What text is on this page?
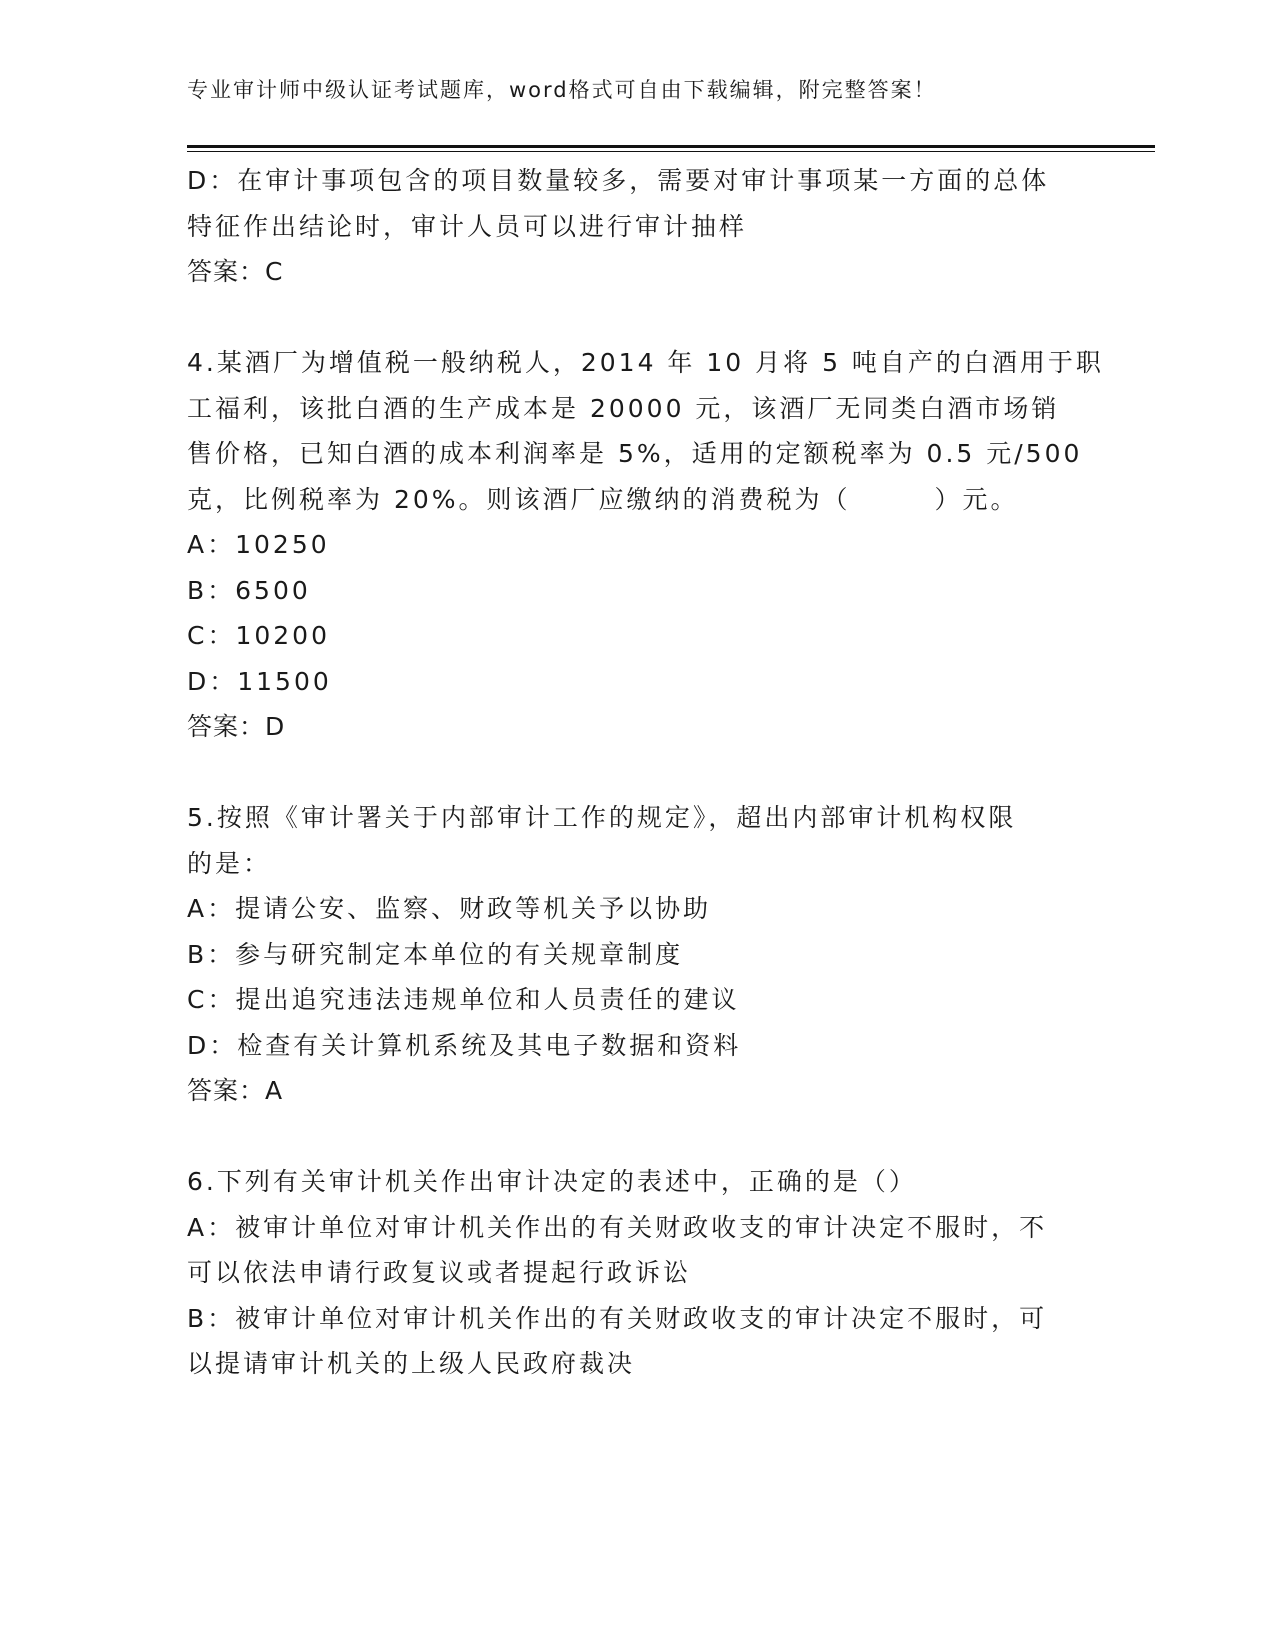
专业审计师中级认证考试题库，word格式可自由下载编辑，附完整答案！
D：在审计事项包含的项目数量较多，需要对审计事项某一方面的总体
特征作出结论时，审计人员可以进行审计抽样
答案：C
4.某酒厂为增值税一般纳税人，2014 年 10 月将 5 吨自产的白酒用于职
工福利，该批白酒的生产成本是 20000 元，该酒厂无同类白酒市场销
售价格，已知白酒的成本利润率是 5%，适用的定额税率为 0.5 元/500
克，比例税率为 20%。则该酒厂应缴纳的消费税为（　　　）元。
A：10250
B：6500
C：10200
D：11500
答案：D
5.按照《审计署关于内部审计工作的规定》，超出内部审计机构权限
的是：
A：提请公安、监察、财政等机关予以协助
B：参与研究制定本单位的有关规章制度
C：提出追究违法违规单位和人员责任的建议
D：检查有关计算机系统及其电子数据和资料
答案：A
6.下列有关审计机关作出审计决定的表述中，正确的是（）
A：被审计单位对审计机关作出的有关财政收支的审计决定不服时，不
可以依法申请行政复议或者提起行政诉讼
B：被审计单位对审计机关作出的有关财政收支的审计决定不服时，可
以提请审计机关的上级人民政府裁决
